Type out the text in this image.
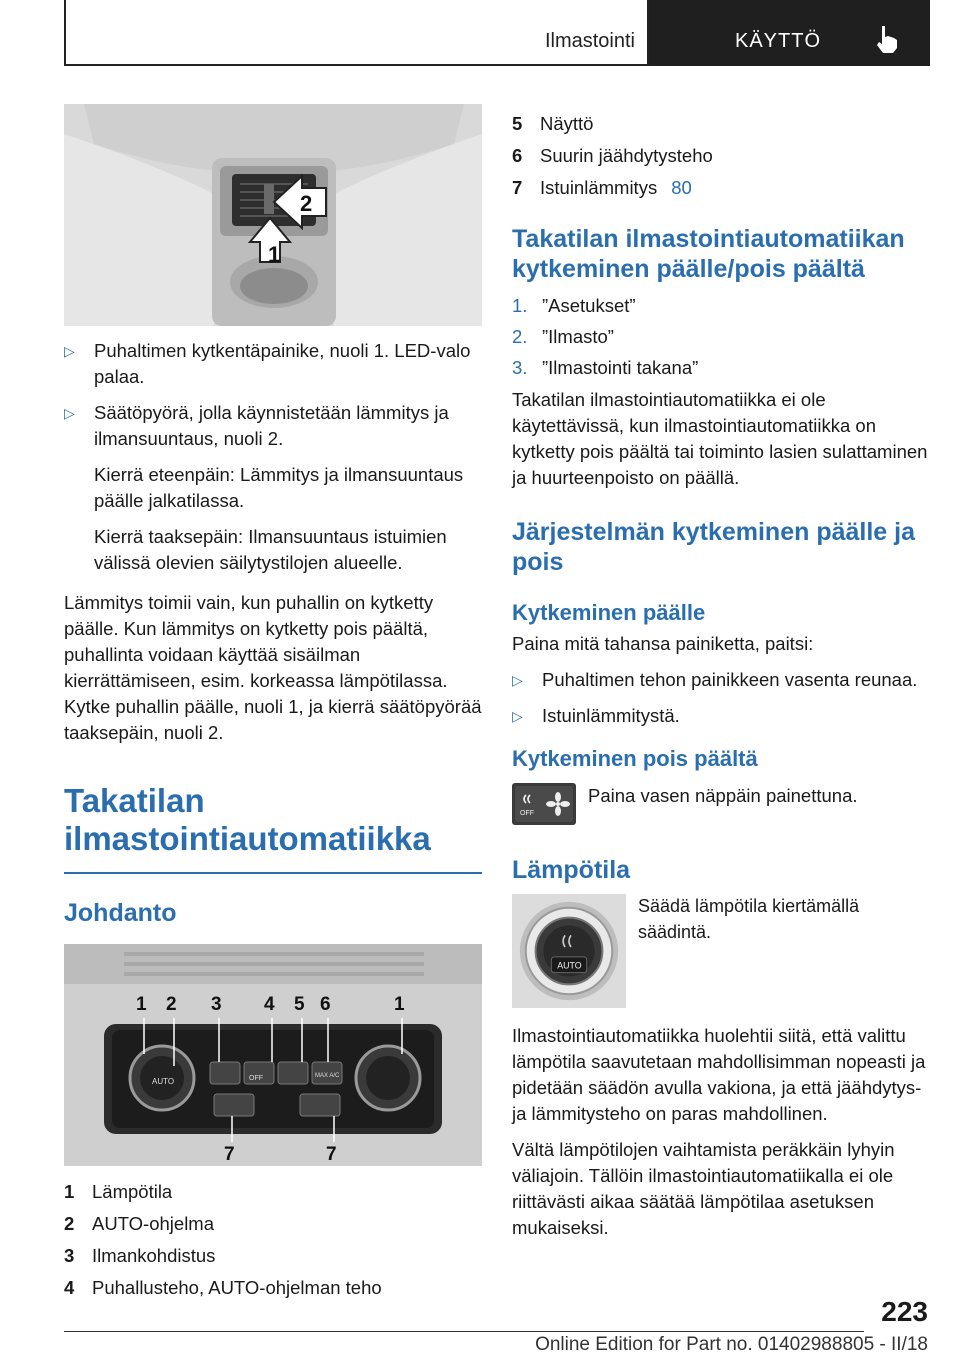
Ilmastointi	KÄYTTÖ
1
2
▷ Puhaltimen kytkentäpainike, nuoli 1. LED-valo palaa.
▷ Säätöpyörä, jolla käynnistetään lämmitys ja ilmansuuntaus, nuoli 2.
Kierrä eteenpäin: Lämmitys ja ilmansuuntaus päälle jalkatilassa.
Kierrä taaksepäin: Ilmansuuntaus istuimien välissä olevien säilytystilojen alueelle.

Lämmitys toimii vain, kun puhallin on kytketty päälle. Kun lämmitys on kytketty pois päältä, puhallinta voidaan käyttää sisäilman kierrättämiseen, esim. korkeassa lämpötilassa. Kytke puhallin päälle, nuoli 1, ja kierrä säätöpyörää taaksepäin, nuoli 2.

Takatilan ilmastointiautomatiikka
Johdanto
AUTO	OFF	MAX A/C
1 2 3 4 5 6	1
7	7
1 Lämpötila
2 AUTO-ohjelma
3 Ilmankohdistus
4 Puhallusteho, AUTO-ohjelman teho
5 Näyttö
6 Suurin jäähdytysteho
7 Istuinlämmitys 80
Takatilan ilmastointiautomatiikan kytkeminen päälle/pois päältä
1. ”Asetukset”
2. ”Ilmasto”
3. ”Ilmastointi takana”

Takatilan ilmastointiautomatiikka ei ole käytettävissä, kun ilmastointiautomatiikka on kytketty pois päältä tai toiminto lasien sulattaminen ja huurteenpoisto on päällä.

Järjestelmän kytkeminen päälle ja pois
Kytkeminen päälle

Paina mitä tahansa painiketta, paitsi:

▷ Puhaltimen tehon painikkeen vasenta reunaa.
▷ Istuinlämmitystä.
Kytkeminen pois päältä
OFF
Paina vasen näppäin painettuna.
Lämpötila
AUTO
Säädä lämpötila kiertämällä säädintä.

Ilmastointiautomatiikka huolehtii siitä, että valittu lämpötila saavutetaan mahdollisimman nopeasti ja pidetään säädön avulla vakiona, ja että jäähdytys- ja lämmitysteho on paras mahdollinen.

Vältä lämpötilojen vaihtamista peräkkäin lyhyin väliajoin. Tällöin ilmastointiautomatiikalla ei ole riittävästi aikaa säätää lämpötilaa asetuksen mukaiseksi.

223
Online Edition for Part no. 01402988805 - II/18
